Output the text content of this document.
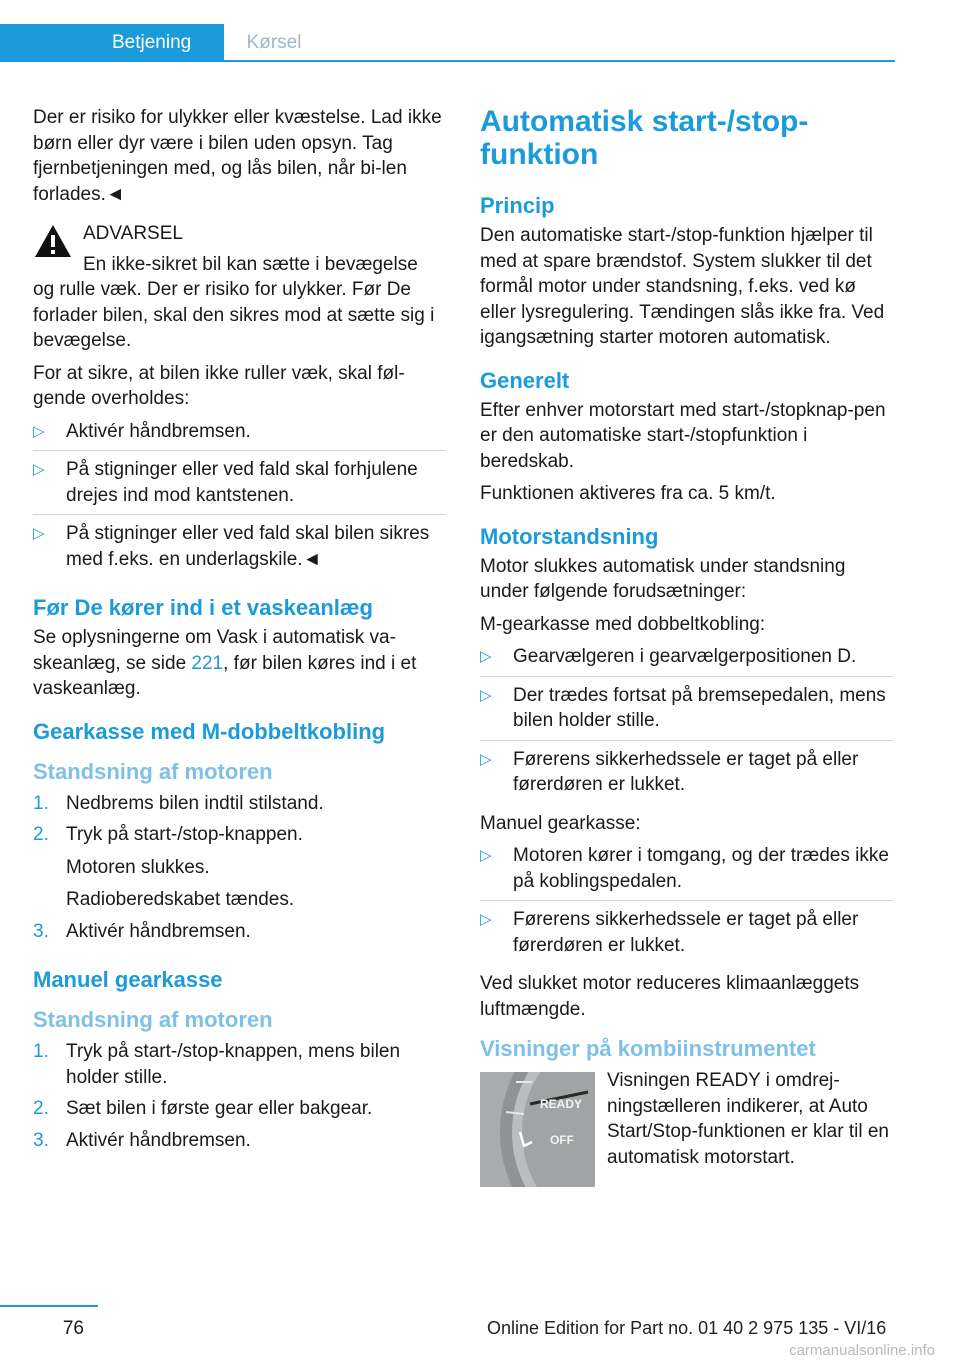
Betjening	Kørsel

Der er risiko for ulykker eller kvæstelse. Lad ikke børn eller dyr være i bilen uden opsyn. Tag fjernbetjeningen med, og lås bilen, når bi-len forlades.◄

ADVARSEL
En ikke-sikret bil kan sætte i bevægelse
og rulle væk. Der er risiko for ulykker. Før De forlader bilen, skal den sikres mod at sætte sig i bevægelse.

For at sikre, at bilen ikke ruller væk, skal føl-gende overholdes:

▷ Aktivér håndbremsen.
▷ På stigninger eller ved fald skal forhjulene drejes ind mod kantstenen.
▷ På stigninger eller ved fald skal bilen sikres med f.eks. en underlagskile.◄
Før De kører ind i et vaskeanlæg

Se oplysningerne om Vask i automatisk va-skeanlæg, se side 221, før bilen køres ind i et vaskeanlæg.

Gearkasse med M-dobbeltkobling
Standsning af motoren
1. Nedbrems bilen indtil stilstand.
2. Tryk på start-/stop-knappen.
Motoren slukkes.
Radioberedskabet tændes.
3. Aktivér håndbremsen.
Manuel gearkasse
Standsning af motoren
1. Tryk på start-/stop-knappen, mens bilen holder stille.
2. Sæt bilen i første gear eller bakgear.
3. Aktivér håndbremsen.
Automatisk start-/stop-funktion
Princip

Den automatiske start-/stop-funktion hjælper til med at spare brændstof. System slukker til det formål motor under standsning, f.eks. ved kø eller lysregulering. Tændingen slås ikke fra. Ved igangsætning starter motoren automatisk.

Generelt

Efter enhver motorstart med start-/stopknap-pen er den automatiske start-/stopfunktion i beredskab.

Funktionen aktiveres fra ca. 5 km/t.

Motorstandsning

Motor slukkes automatisk under standsning under følgende forudsætninger:

M-gearkasse med dobbeltkobling:

▷ Gearvælgeren i gearvælgerpositionen D.
▷ Der trædes fortsat på bremsepedalen, mens bilen holder stille.
▷ Førerens sikkerhedssele er taget på eller førerdøren er lukket.

Manuel gearkasse:

▷ Motoren kører i tomgang, og der trædes ikke på koblingspedalen.
▷ Førerens sikkerhedssele er taget på eller førerdøren er lukket.

Ved slukket motor reduceres klimaanlæggets luftmængde.

Visninger på kombiinstrumentet
READY
OFF

Visningen READY i omdrej-ningstælleren indikerer, at Auto Start/Stop-funktionen er klar til en automatisk motorstart.

76	Online Edition for Part no. 01 40 2 975 135 - VI/16
carmanualsonline.info
